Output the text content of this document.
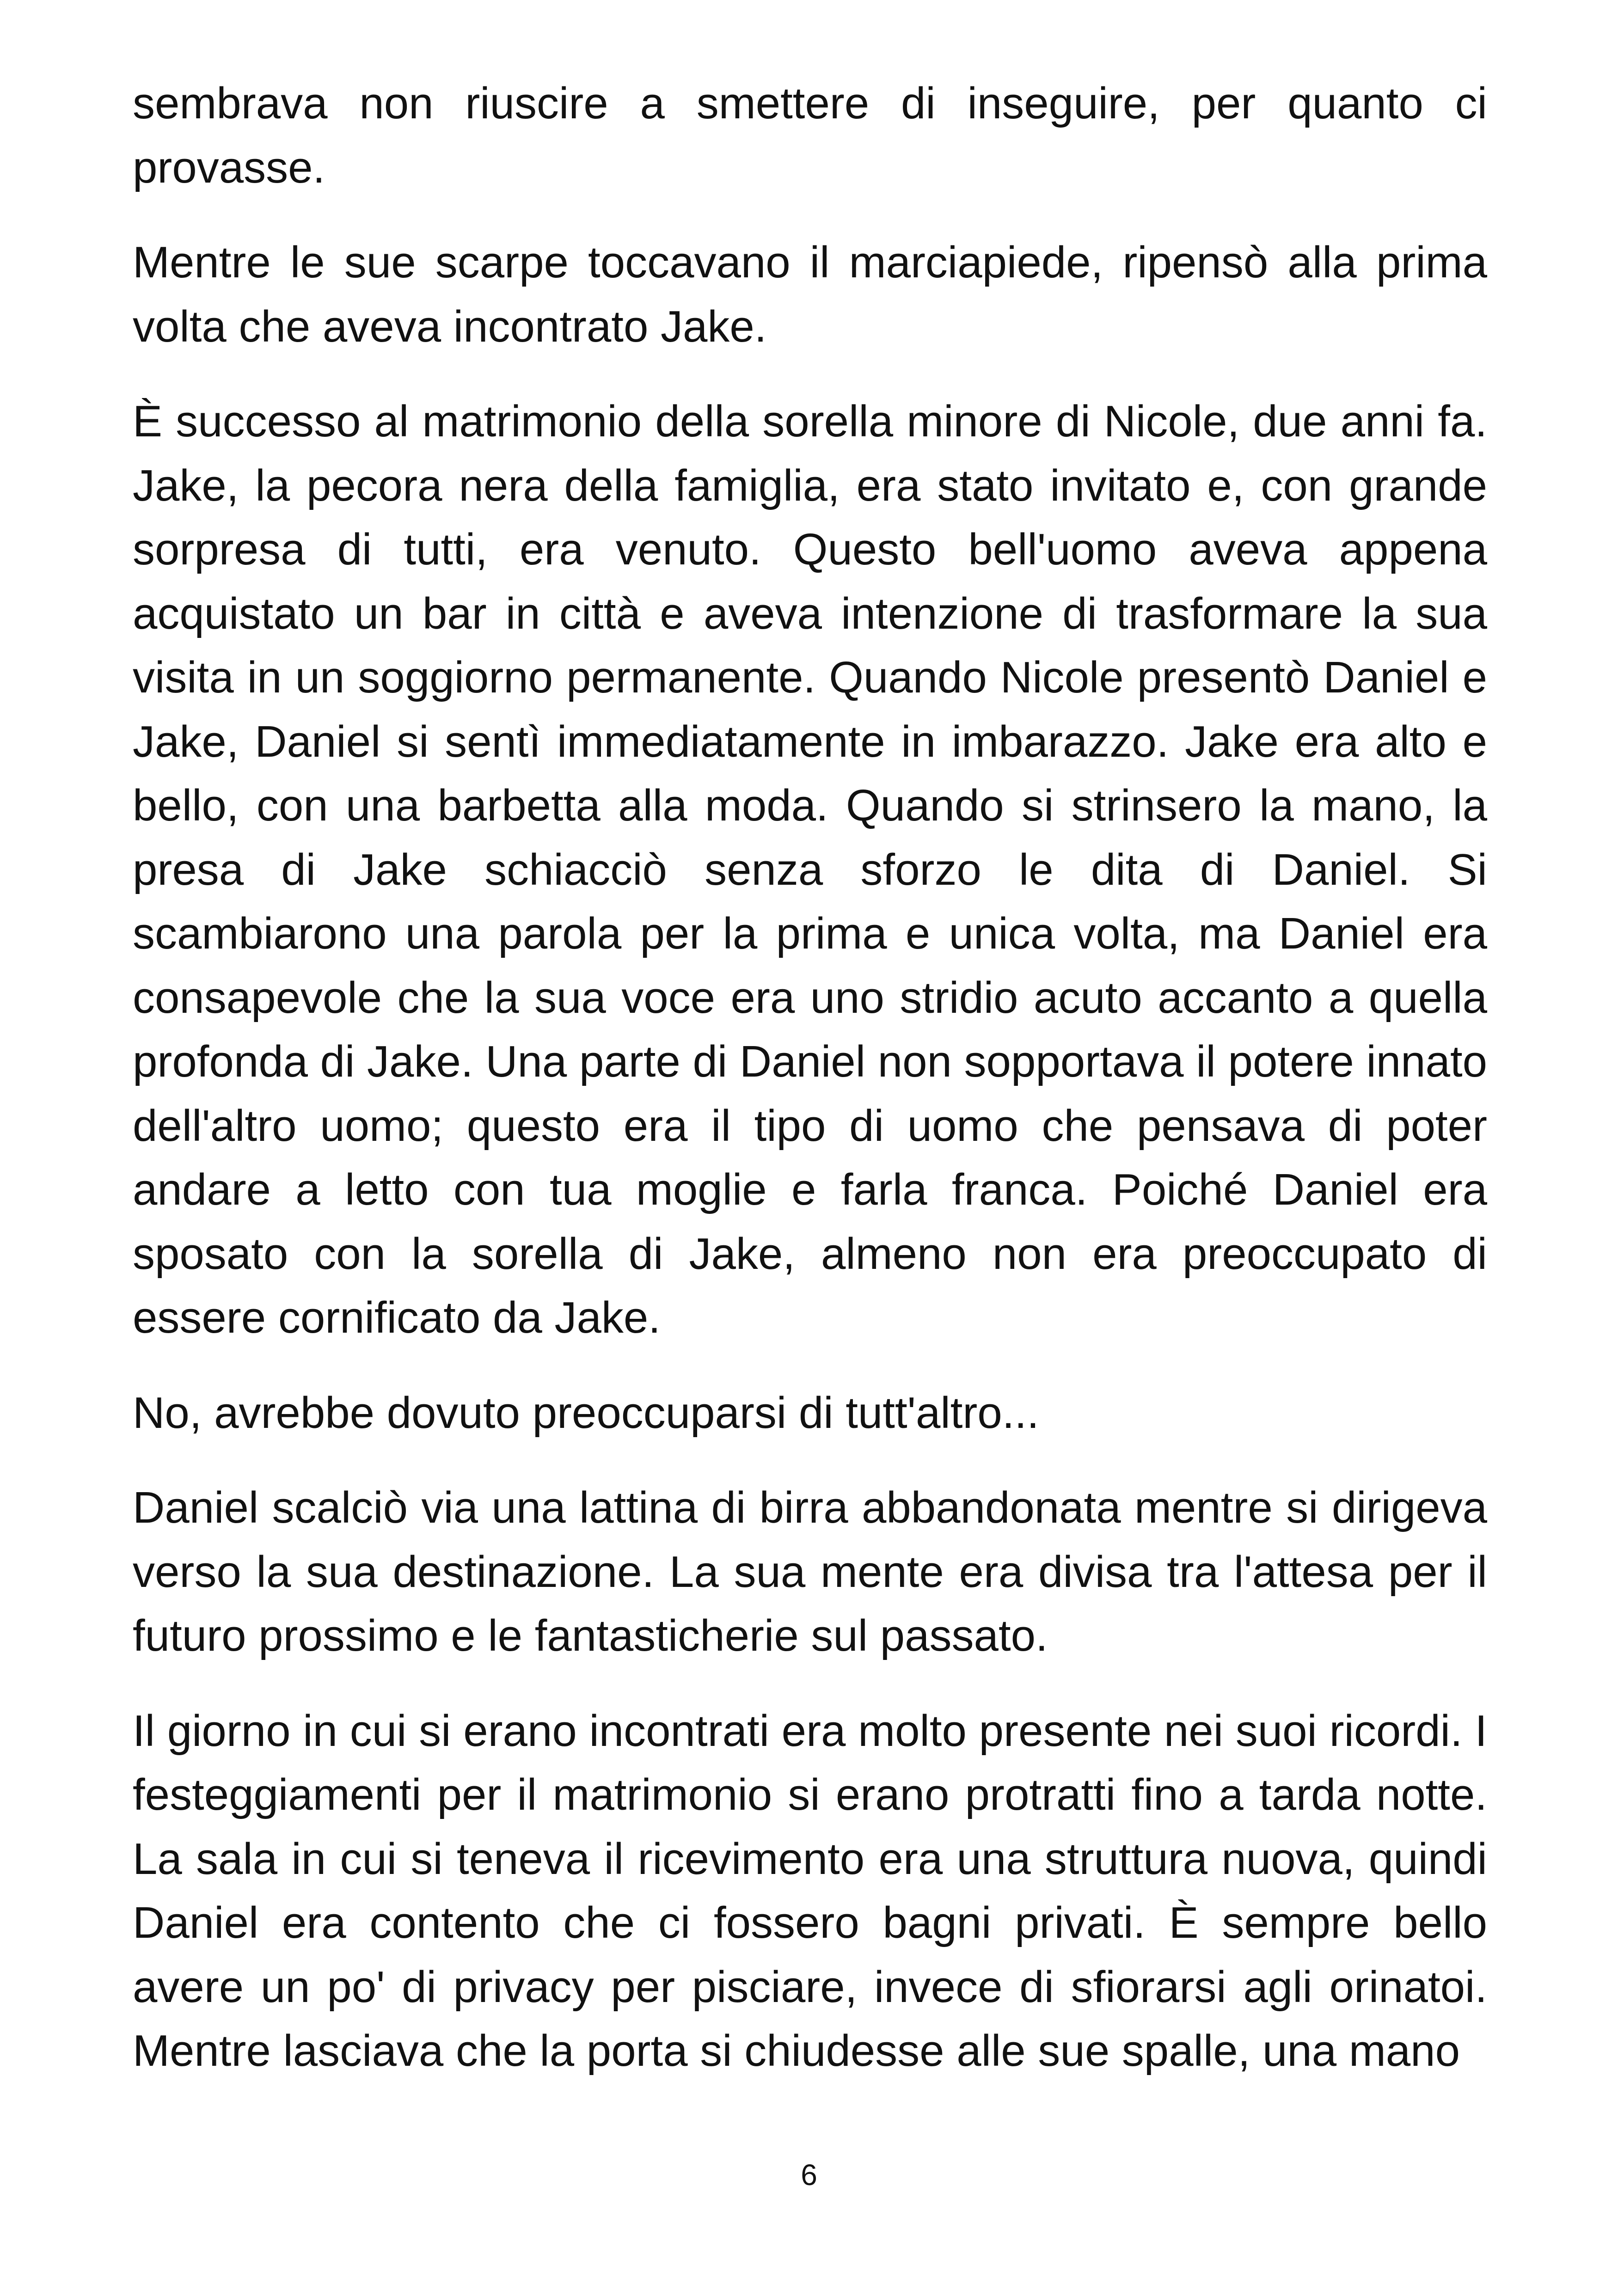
sembrava non riuscire a smettere di inseguire, per quanto ci provasse.

Mentre le sue scarpe toccavano il marciapiede, ripensò alla prima volta che aveva incontrato Jake.

È successo al matrimonio della sorella minore di Nicole, due anni fa. Jake, la pecora nera della famiglia, era stato invitato e, con grande sorpresa di tutti, era venuto. Questo bell'uomo aveva appena acquistato un bar in città e aveva intenzione di trasformare la sua visita in un soggiorno permanente. Quando Nicole presentò Daniel e Jake, Daniel si sentì immediatamente in imbarazzo. Jake era alto e bello, con una barbetta alla moda. Quando si strinsero la mano, la presa di Jake schiacciò senza sforzo le dita di Daniel. Si scambiarono una parola per la prima e unica volta, ma Daniel era consapevole che la sua voce era uno stridio acuto accanto a quella profonda di Jake. Una parte di Daniel non sopportava il potere innato dell'altro uomo; questo era il tipo di uomo che pensava di poter andare a letto con tua moglie e farla franca. Poiché Daniel era sposato con la sorella di Jake, almeno non era preoccupato di essere cornificato da Jake.

No, avrebbe dovuto preoccuparsi di tutt'altro...

Daniel scalciò via una lattina di birra abbandonata mentre si dirigeva verso la sua destinazione. La sua mente era divisa tra l'attesa per il futuro prossimo e le fantasticherie sul passato.

Il giorno in cui si erano incontrati era molto presente nei suoi ricordi. I festeggiamenti per il matrimonio si erano protratti fino a tarda notte. La sala in cui si teneva il ricevimento era una struttura nuova, quindi Daniel era contento che ci fossero bagni privati. È sempre bello avere un po' di privacy per pisciare, invece di sfiorarsi agli orinatoi. Mentre lasciava che la porta si chiudesse alle sue spalle, una mano

6
